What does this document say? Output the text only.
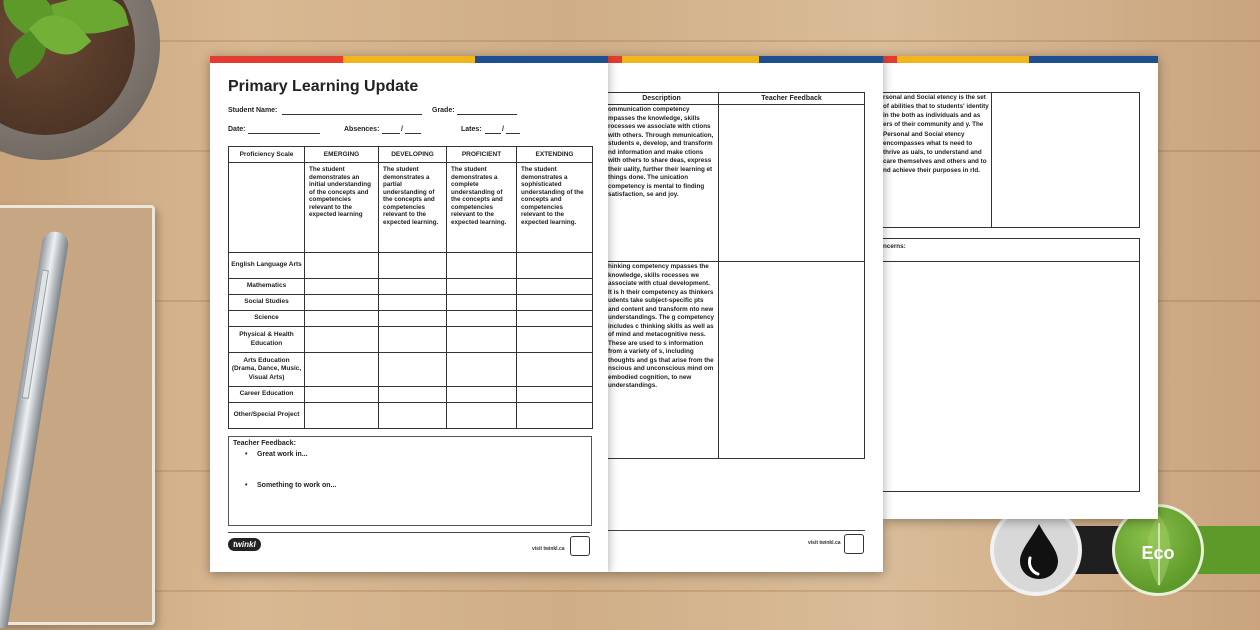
Primary Learning Update
Student Name:	Grade:
Date:	Absences:	/	Lates:	/
Proficiency Scale	EMERGING	DEVELOPING	PROFICIENT	EXTENDING
	The student demonstrates an initial understanding of the concepts and competencies relevant to the expected learning	The student demonstrates a partial understanding of the concepts and competencies relevant to the expected learning.	The student demonstrates a complete understanding of the concepts and competencies relevant to the expected learning.	The student demonstrates a sophisticated understanding of the concepts and competencies relevant to the expected learning.
English Language Arts				
Mathematics				
Social Studies				
Science				
Physical & Health Education				
Arts Education (Drama, Dance, Music, Visual Arts)				
Career Education				
Other/Special Project				
Teacher Feedback:
• Great work in...
• Something to work on...
twinkl	visit twinkl.ca
Description	Teacher Feedback
ommunication competency mpasses the knowledge, skills rocesses we associate with ctions with others. Through mmunication, students e, develop, and transform nd information and make ctions with others to share deas, express their uality, further their learning et things done. The unication competency is mental to finding satisfaction, se and joy.	
hinking competency mpasses the knowledge, skills rocesses we associate with ctual development. It is h their competency as thinkers udents take subject-specific pts and content and transform nto new understandings. The g competency includes c thinking skills as well as of mind and metacognitive ness. These are used to s information from a variety of s, including thoughts and gs that arise from the nscious and unconscious mind om embodied cognition, to new understandings.	
visit twinkl.ca
rsonal and Social etency is the set of abilities that to students' identity in the both as individuals and as ers of their community and y. The Personal and Social etency encompasses what ts need to thrive as uals, to understand and care themselves and others and to nd achieve their purposes in rld.
ncerns:
Eco
